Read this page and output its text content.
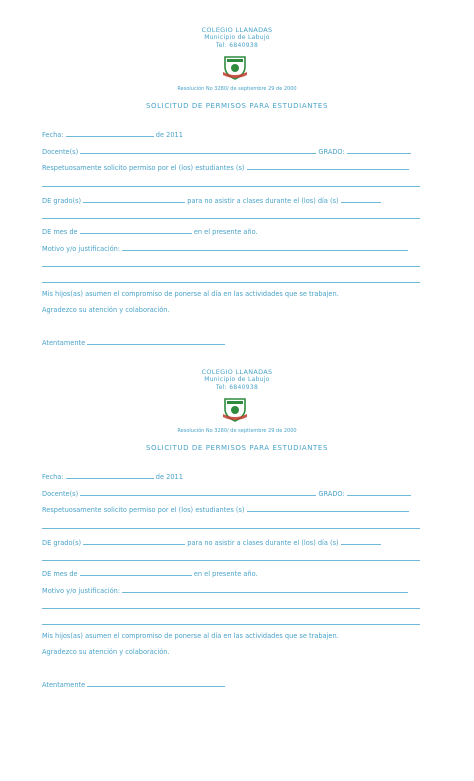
COLEGIO LLANADAS
Municipio de Labujo
Tel: 6840938
Resolución No 3280/ de septiembre 29 de 2000
SOLICITUD DE PERMISOS PARA ESTUDIANTES
Fecha:	de 2011
Docente(s)	GRADO:
Respetuosamente solicito permiso por el (los) estudiantes (s)
DE grado(s)	para no asistir a clases durante el (los) día (s)
DE mes de	en el presente año.
Motivo y/o justificación:
Mis hijos(as) asumen el compromiso de ponerse al día en las actividades que se trabajen.
Agradezco su atención y colaboración.
Atentamente
COLEGIO LLANADAS
Municipio de Labujo
Tel: 6840938
Resolución No 3280/ de septiembre 29 de 2000
SOLICITUD DE PERMISOS PARA ESTUDIANTES
Fecha:	de 2011
Docente(s)	GRADO:
Respetuosamente solicito permiso por el (los) estudiantes (s)
DE grado(s)	para no asistir a clases durante el (los) día (s)
DE mes de	en el presente año.
Motivo y/o justificación:
Mis hijos(as) asumen el compromiso de ponerse al día en las actividades que se trabajen.
Agradezco su atención y colaboración.
Atentamente
